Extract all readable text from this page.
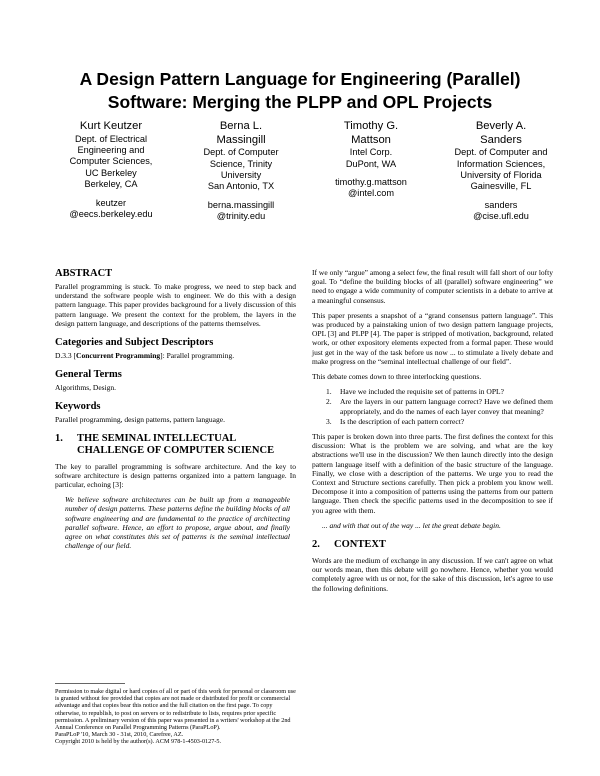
A Design Pattern Language for Engineering (Parallel)
Software: Merging the PLPP and OPL Projects
Kurt Keutzer
Dept. of Electrical
Engineering and
Computer Sciences,
UC Berkeley
Berkeley, CA
keutzer
@eecs.berkeley.edu
Berna L.
Massingill
Dept. of Computer
Science, Trinity
University
San Antonio, TX
berna.massingill
@trinity.edu
Timothy G.
Mattson
Intel Corp.
DuPont, WA
timothy.g.mattson
@intel.com
Beverly A.
Sanders
Dept. of Computer and
Information Sciences,
University of Florida
Gainesville, FL
sanders
@cise.ufl.edu
ABSTRACT

Parallel programming is stuck. To make progress, we need to step back and understand the software people wish to engineer. We do this with a design pattern language. This paper provides background for a lively discussion of this pattern language. We present the context for the problem, the layers in the design pattern language, and descriptions of the patterns themselves.

Categories and Subject Descriptors

D.3.3 [Concurrent Programming]: Parallel programming.

General Terms

Algorithms, Design.

Keywords

Parallel programming, design patterns, pattern language.

1.	THE SEMINAL INTELLECTUAL
CHALLENGE OF COMPUTER SCIENCE

The key to parallel programming is software architecture. And the key to software architecture is design patterns organized into a pattern language. In particular, echoing [3]:

We believe software architectures can be built up from a manageable number of design patterns. These patterns define the building blocks of all software engineering and are fundamental to the practice of architecting parallel software. Hence, an effort to propose, argue about, and finally agree on what constitutes this set of patterns is the seminal intellectual challenge of our field.

Permission to make digital or hard copies of all or part of this work for personal or classroom use is granted without fee provided that copies are not made or distributed for profit or commercial advantage and that copies bear this notice and the full citation on the first page. To copy otherwise, to republish, to post on servers or to redistribute to lists, requires prior specific permission. A preliminary version of this paper was presented in a writers' workshop at the 2nd Annual Conference on Parallel Programming Patterns (ParaPLoP).

ParaPLoP '10, March 30 - 31st, 2010, Carefree, AZ.

Copyright 2010 is held by the author(s). ACM 978-1-4503-0127-5.

If we only “argue” among a select few, the final result will fall short of our lofty goal. To “define the building blocks of all (parallel) software engineering” we need to engage a wide community of computer scientists in a debate to arrive at a meaningful consensus.

This paper presents a snapshot of a “grand consensus pattern language”. This was produced by a painstaking union of two design pattern language projects, OPL [3] and PLPP [4]. The paper is stripped of motivation, background, related work, or other expository elements expected from a formal paper. These would just get in the way of the task before us now ... to stimulate a lively debate and make progress on the “seminal intellectual challenge of our field”.

This debate comes down to three interlocking questions.

1.	Have we included the requisite set of patterns in OPL?
2.	Are the layers in our pattern language correct? Have we defined them appropriately, and do the names of each layer convey that meaning?
3.	Is the description of each pattern correct?

This paper is broken down into three parts. The first defines the context for this discussion: What is the problem we are solving, and what are the key abstractions we'll use in the discussion? We then launch directly into the design pattern language itself with a definition of the basic structure of the language. Finally, we close with a description of the patterns. We urge you to read the Context and Structure sections carefully. Then pick a problem you know well. Decompose it into a composition of patterns using the patterns from our pattern language. Then check the specific patterns used in the decomposition to see if you agree with them.

... and with that out of the way ... let the great debate begin.

2.	CONTEXT

Words are the medium of exchange in any discussion. If we can't agree on what our words mean, then this debate will go nowhere. Hence, whether you would completely agree with us or not, for the sake of this discussion, let's agree to use the following definitions.
